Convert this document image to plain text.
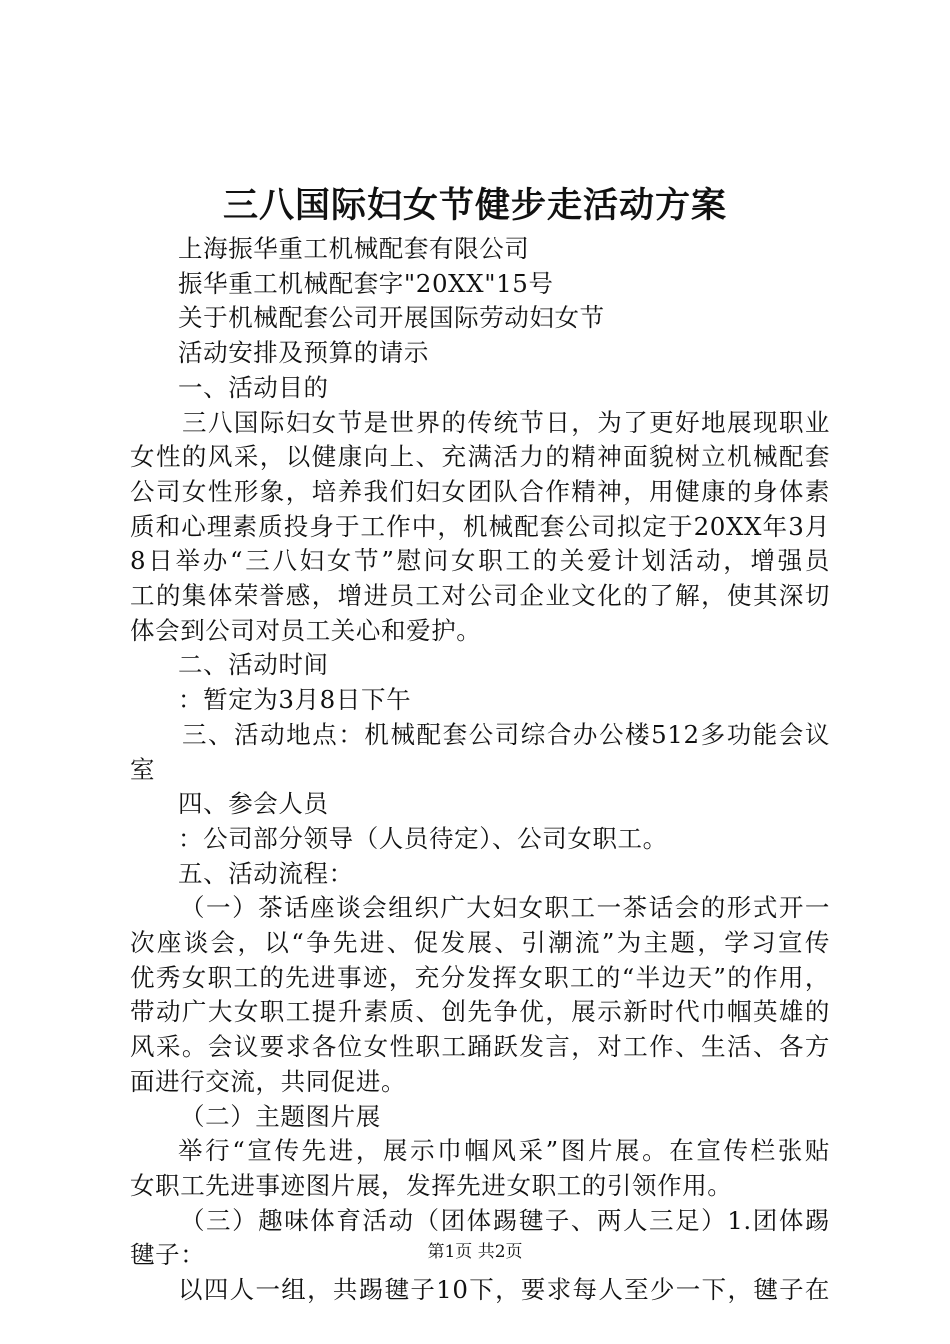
三八国际妇女节健步走活动方案
上海振华重工机械配套有限公司
振华重工机械配套字"20XX"15号
关于机械配套公司开展国际劳动妇女节
活动安排及预算的请示
一、活动目的
三八国际妇女节是世界的传统节日，为了更好地展现职业
女性的风采，以健康向上、充满活力的精神面貌树立机械配套
公司女性形象，培养我们妇女团队合作精神，用健康的身体素
质和心理素质投身于工作中，机械配套公司拟定于20XX年3月
8日举办“三八妇女节”慰问女职工的关爱计划活动，增强员
工的集体荣誉感，增进员工对公司企业文化的了解，使其深切
体会到公司对员工关心和爱护。
二、活动时间
：暂定为3月8日下午
三、活动地点：机械配套公司综合办公楼512多功能会议
室
四、参会人员
：公司部分领导（人员待定）、公司女职工。
五、活动流程：
（一）茶话座谈会组织广大妇女职工一茶话会的形式开一
次座谈会，以“争先进、促发展、引潮流”为主题，学习宣传
优秀女职工的先进事迹，充分发挥女职工的“半边天”的作用，
带动广大女职工提升素质、创先争优，展示新时代巾帼英雄的
风采。会议要求各位女性职工踊跃发言，对工作、生活、各方
面进行交流，共同促进。
（二）主题图片展
举行“宣传先进，展示巾帼风采”图片展。在宣传栏张贴
女职工先进事迹图片展，发挥先进女职工的引领作用。
（三）趣味体育活动（团体踢毽子、两人三足）1.团体踢
毽子：
以四人一组，共踢毽子10下，要求每人至少一下，毽子在
第1页 共2页
